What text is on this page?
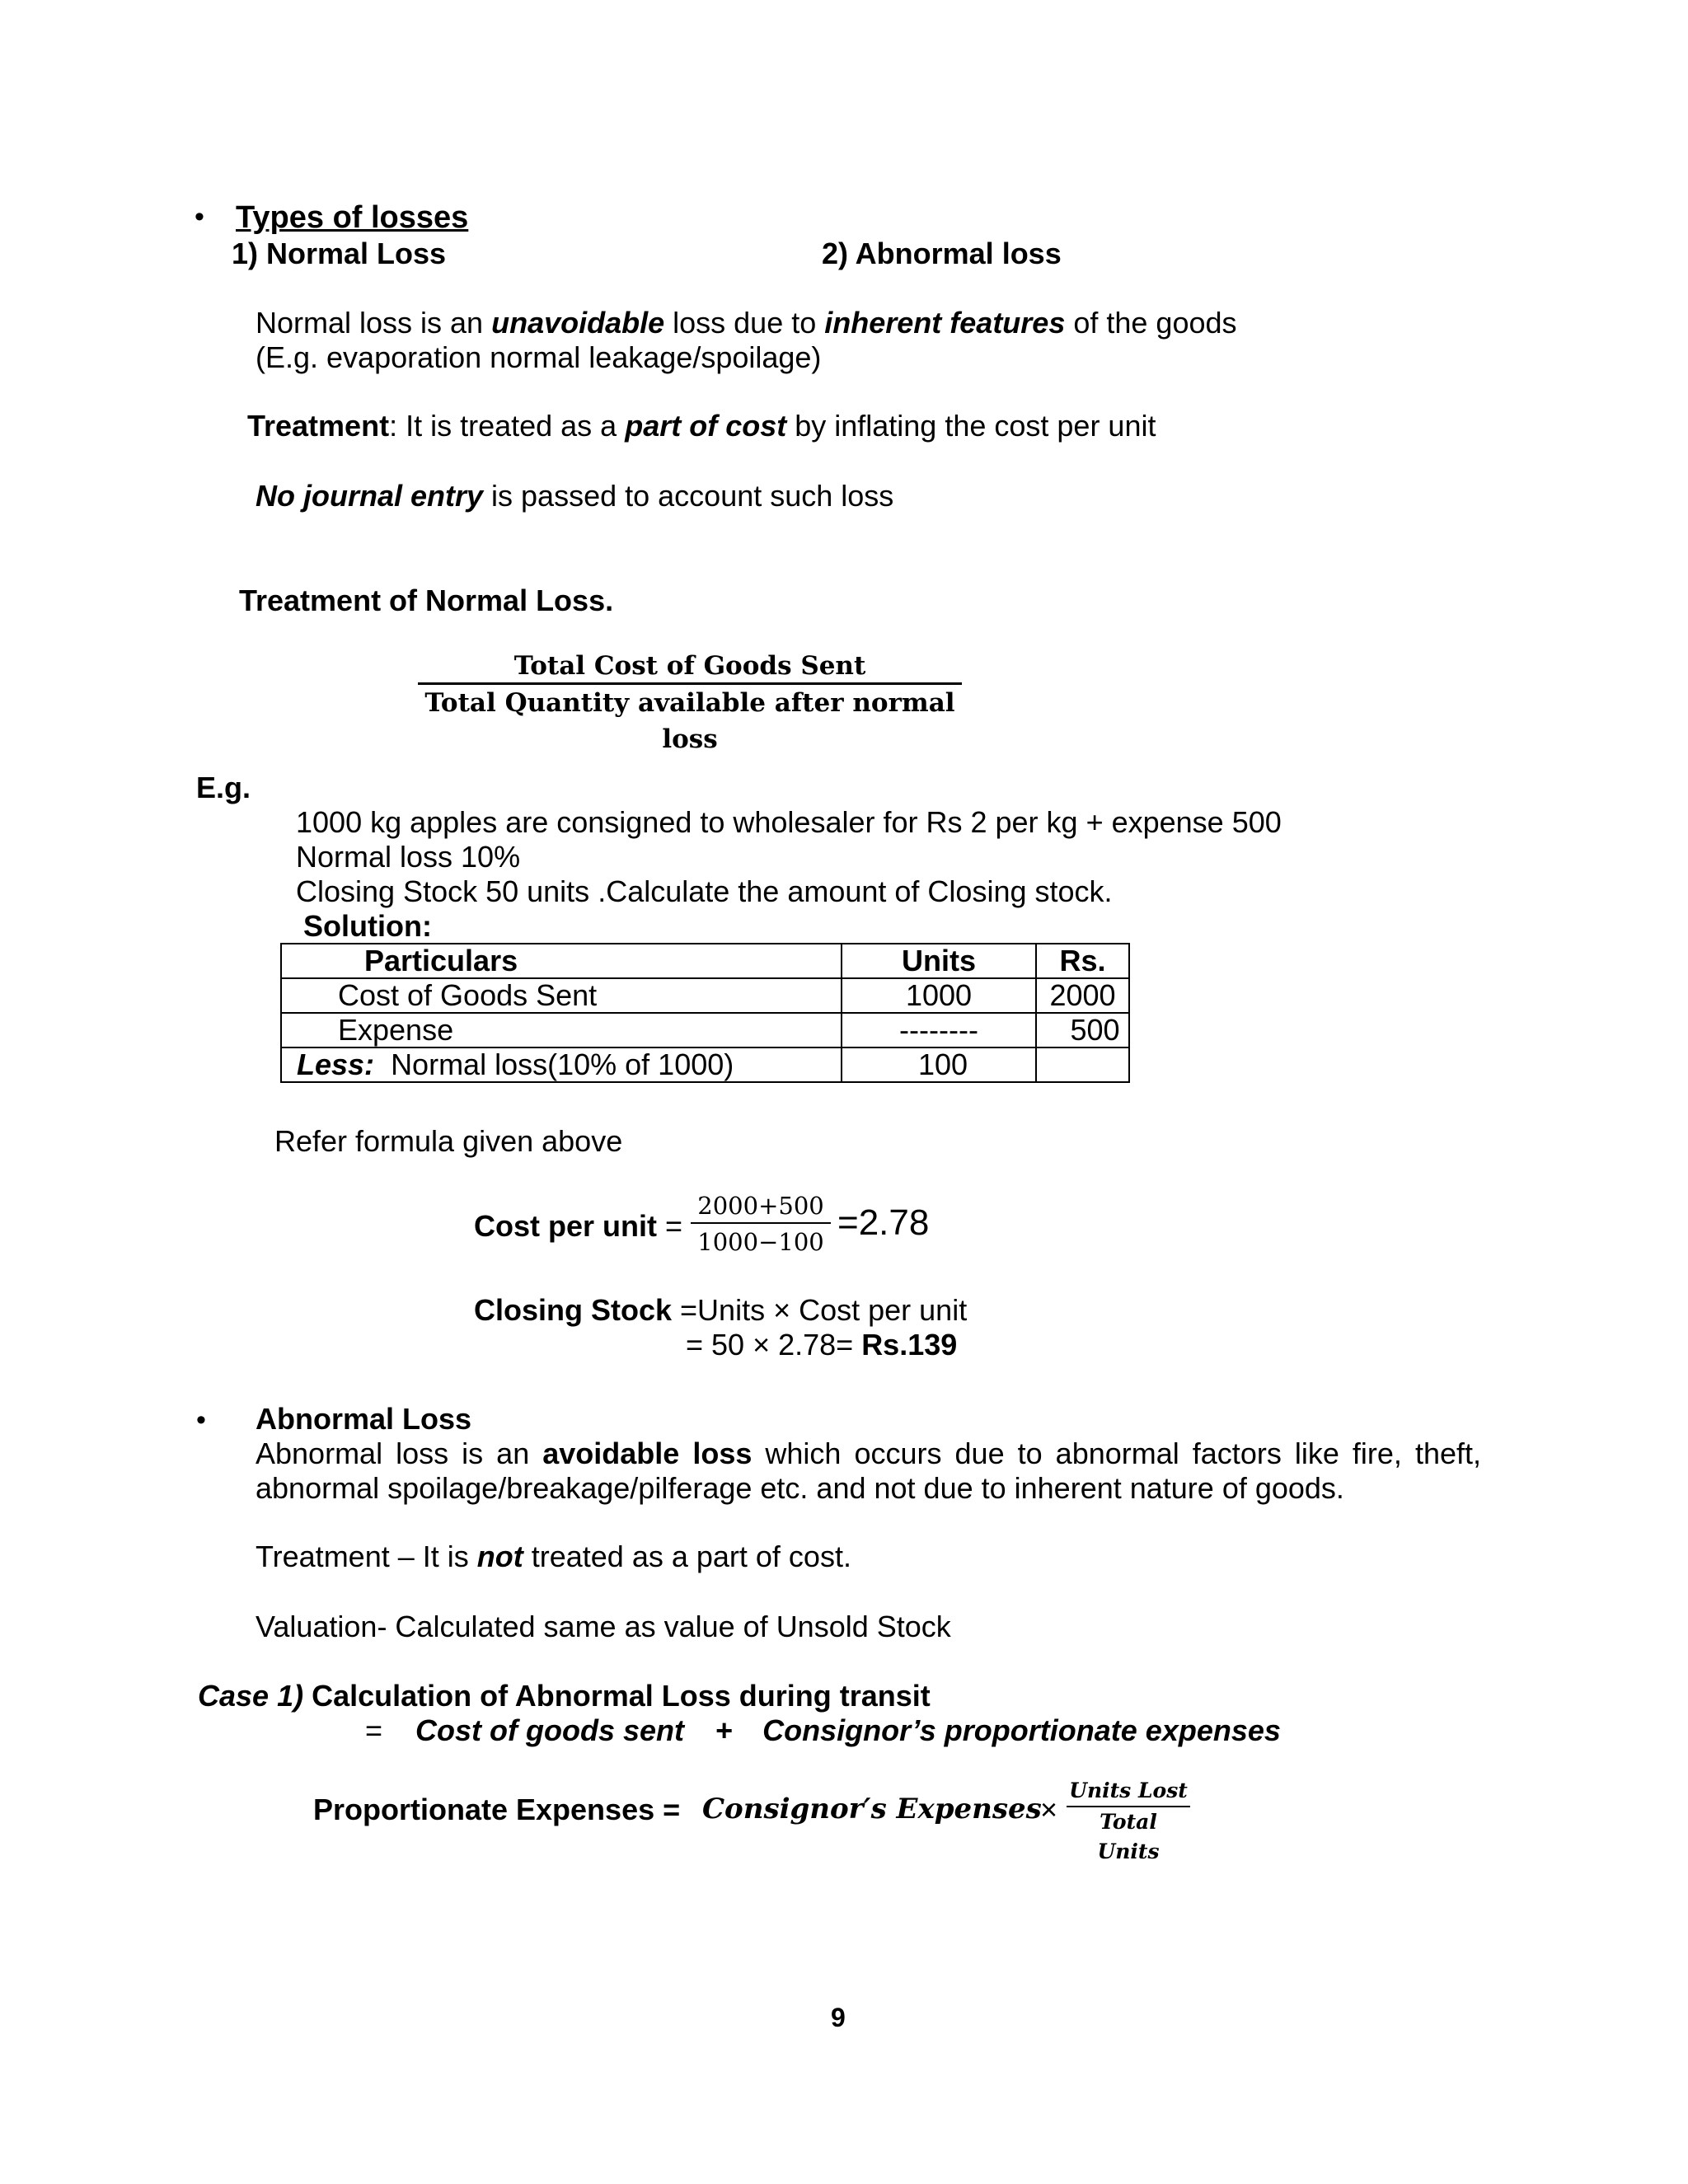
• Types of losses
1) Normal Loss	2) Abnormal loss
Normal loss is an unavoidable loss due to inherent features of the goods
(E.g. evaporation normal leakage/spoilage)
Treatment: It is treated as a part of cost by inflating the cost per unit
No journal entry is passed to account such loss
Treatment of Normal Loss.
Total Cost of Goods Sent
Total Quantity available after normal loss
E.g.
1000 kg apples are consigned to wholesaler for Rs 2 per kg + expense 500
Normal loss 10%
Closing Stock 50 units .Calculate the amount of Closing stock.
Solution:
Particulars	Units	Rs.
Cost of Goods Sent	1000	2000
Expense	--------	500
Less: Normal loss(10% of 1000)	100	
Refer formula given above
Cost per unit =
2000+500
1000−100 =2.78
Closing Stock =Units × Cost per unit
= 50 × 2.78= Rs.139
• Abnormal Loss
Abnormal loss is an avoidable loss which occurs due to abnormal factors like fire, theft, abnormal spoilage/breakage/pilferage etc. and not due to inherent nature of goods.
Treatment – It is not treated as a part of cost.
Valuation- Calculated same as value of Unsold Stock
Case 1) Calculation of Abnormal Loss during transit
= Cost of goods sent + Consignor’s proportionate expenses
Proportionate Expenses = Consignor′s Expenses
×
Units Lost
Total Units
9
